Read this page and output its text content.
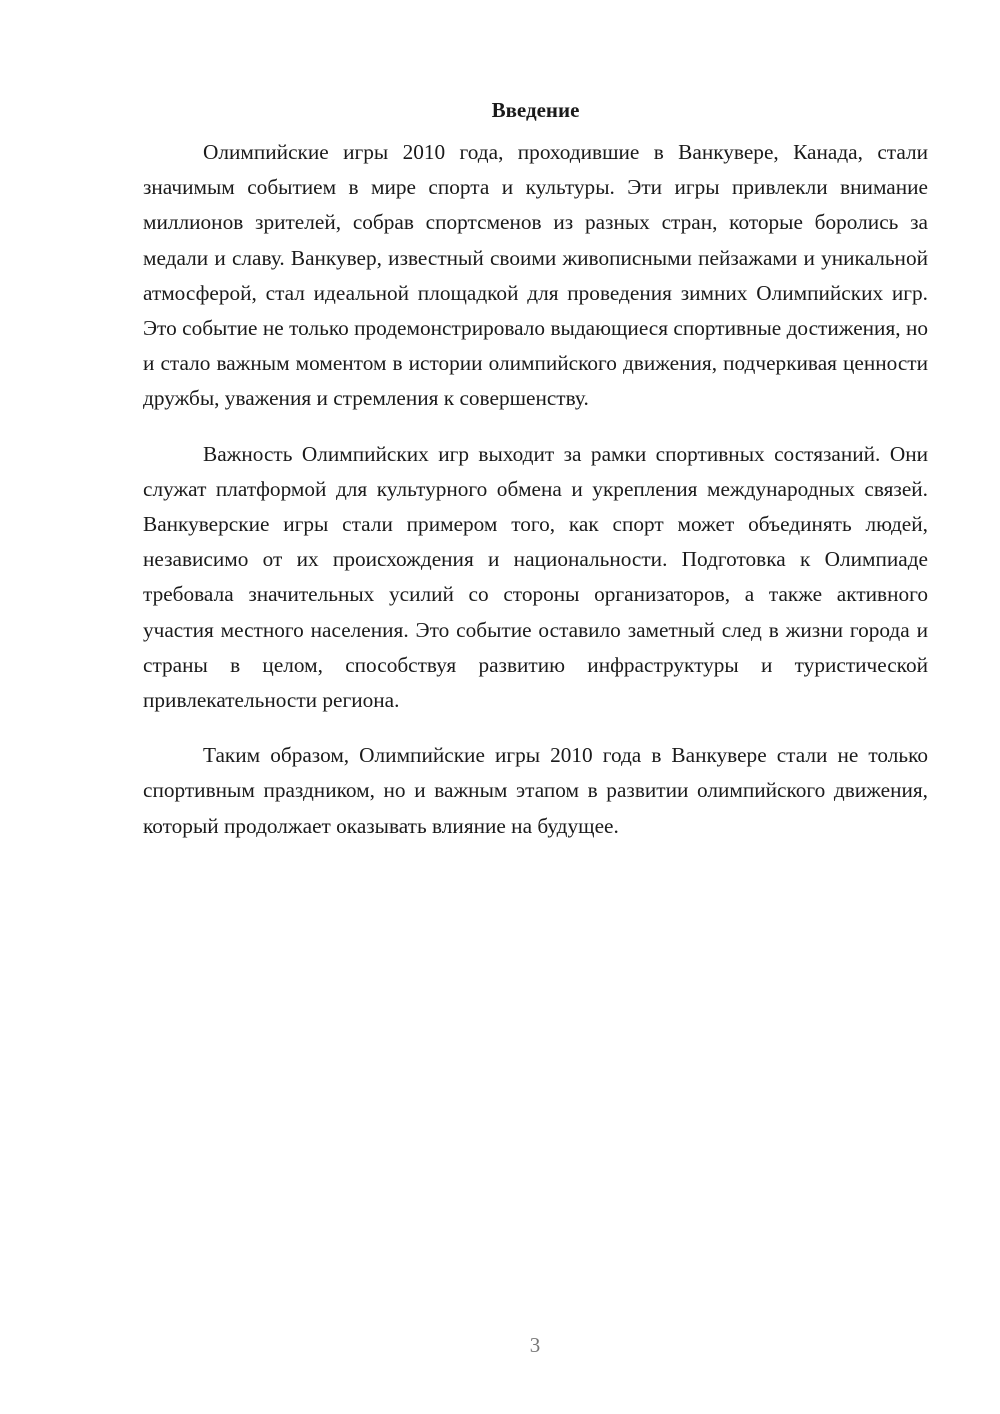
Введение

Олимпийские игры 2010 года, проходившие в Ванкувере, Канада, стали значимым событием в мире спорта и культуры. Эти игры привлекли внимание миллионов зрителей, собрав спортсменов из разных стран, которые боролись за медали и славу. Ванкувер, известный своими живописными пейзажами и уникальной атмосферой, стал идеальной площадкой для проведения зимних Олимпийских игр. Это событие не только продемонстрировало выдающиеся спортивные достижения, но и стало важным моментом в истории олимпийского движения, подчеркивая ценности дружбы, уважения и стремления к совершенству.

Важность Олимпийских игр выходит за рамки спортивных состязаний. Они служат платформой для культурного обмена и укрепления международных связей. Ванкуверские игры стали примером того, как спорт может объединять людей, независимо от их происхождения и национальности. Подготовка к Олимпиаде требовала значительных усилий со стороны организаторов, а также активного участия местного населения. Это событие оставило заметный след в жизни города и страны в целом, способствуя развитию инфраструктуры и туристической привлекательности региона.

Таким образом, Олимпийские игры 2010 года в Ванкувере стали не только спортивным праздником, но и важным этапом в развитии олимпийского движения, который продолжает оказывать влияние на будущее.

3
